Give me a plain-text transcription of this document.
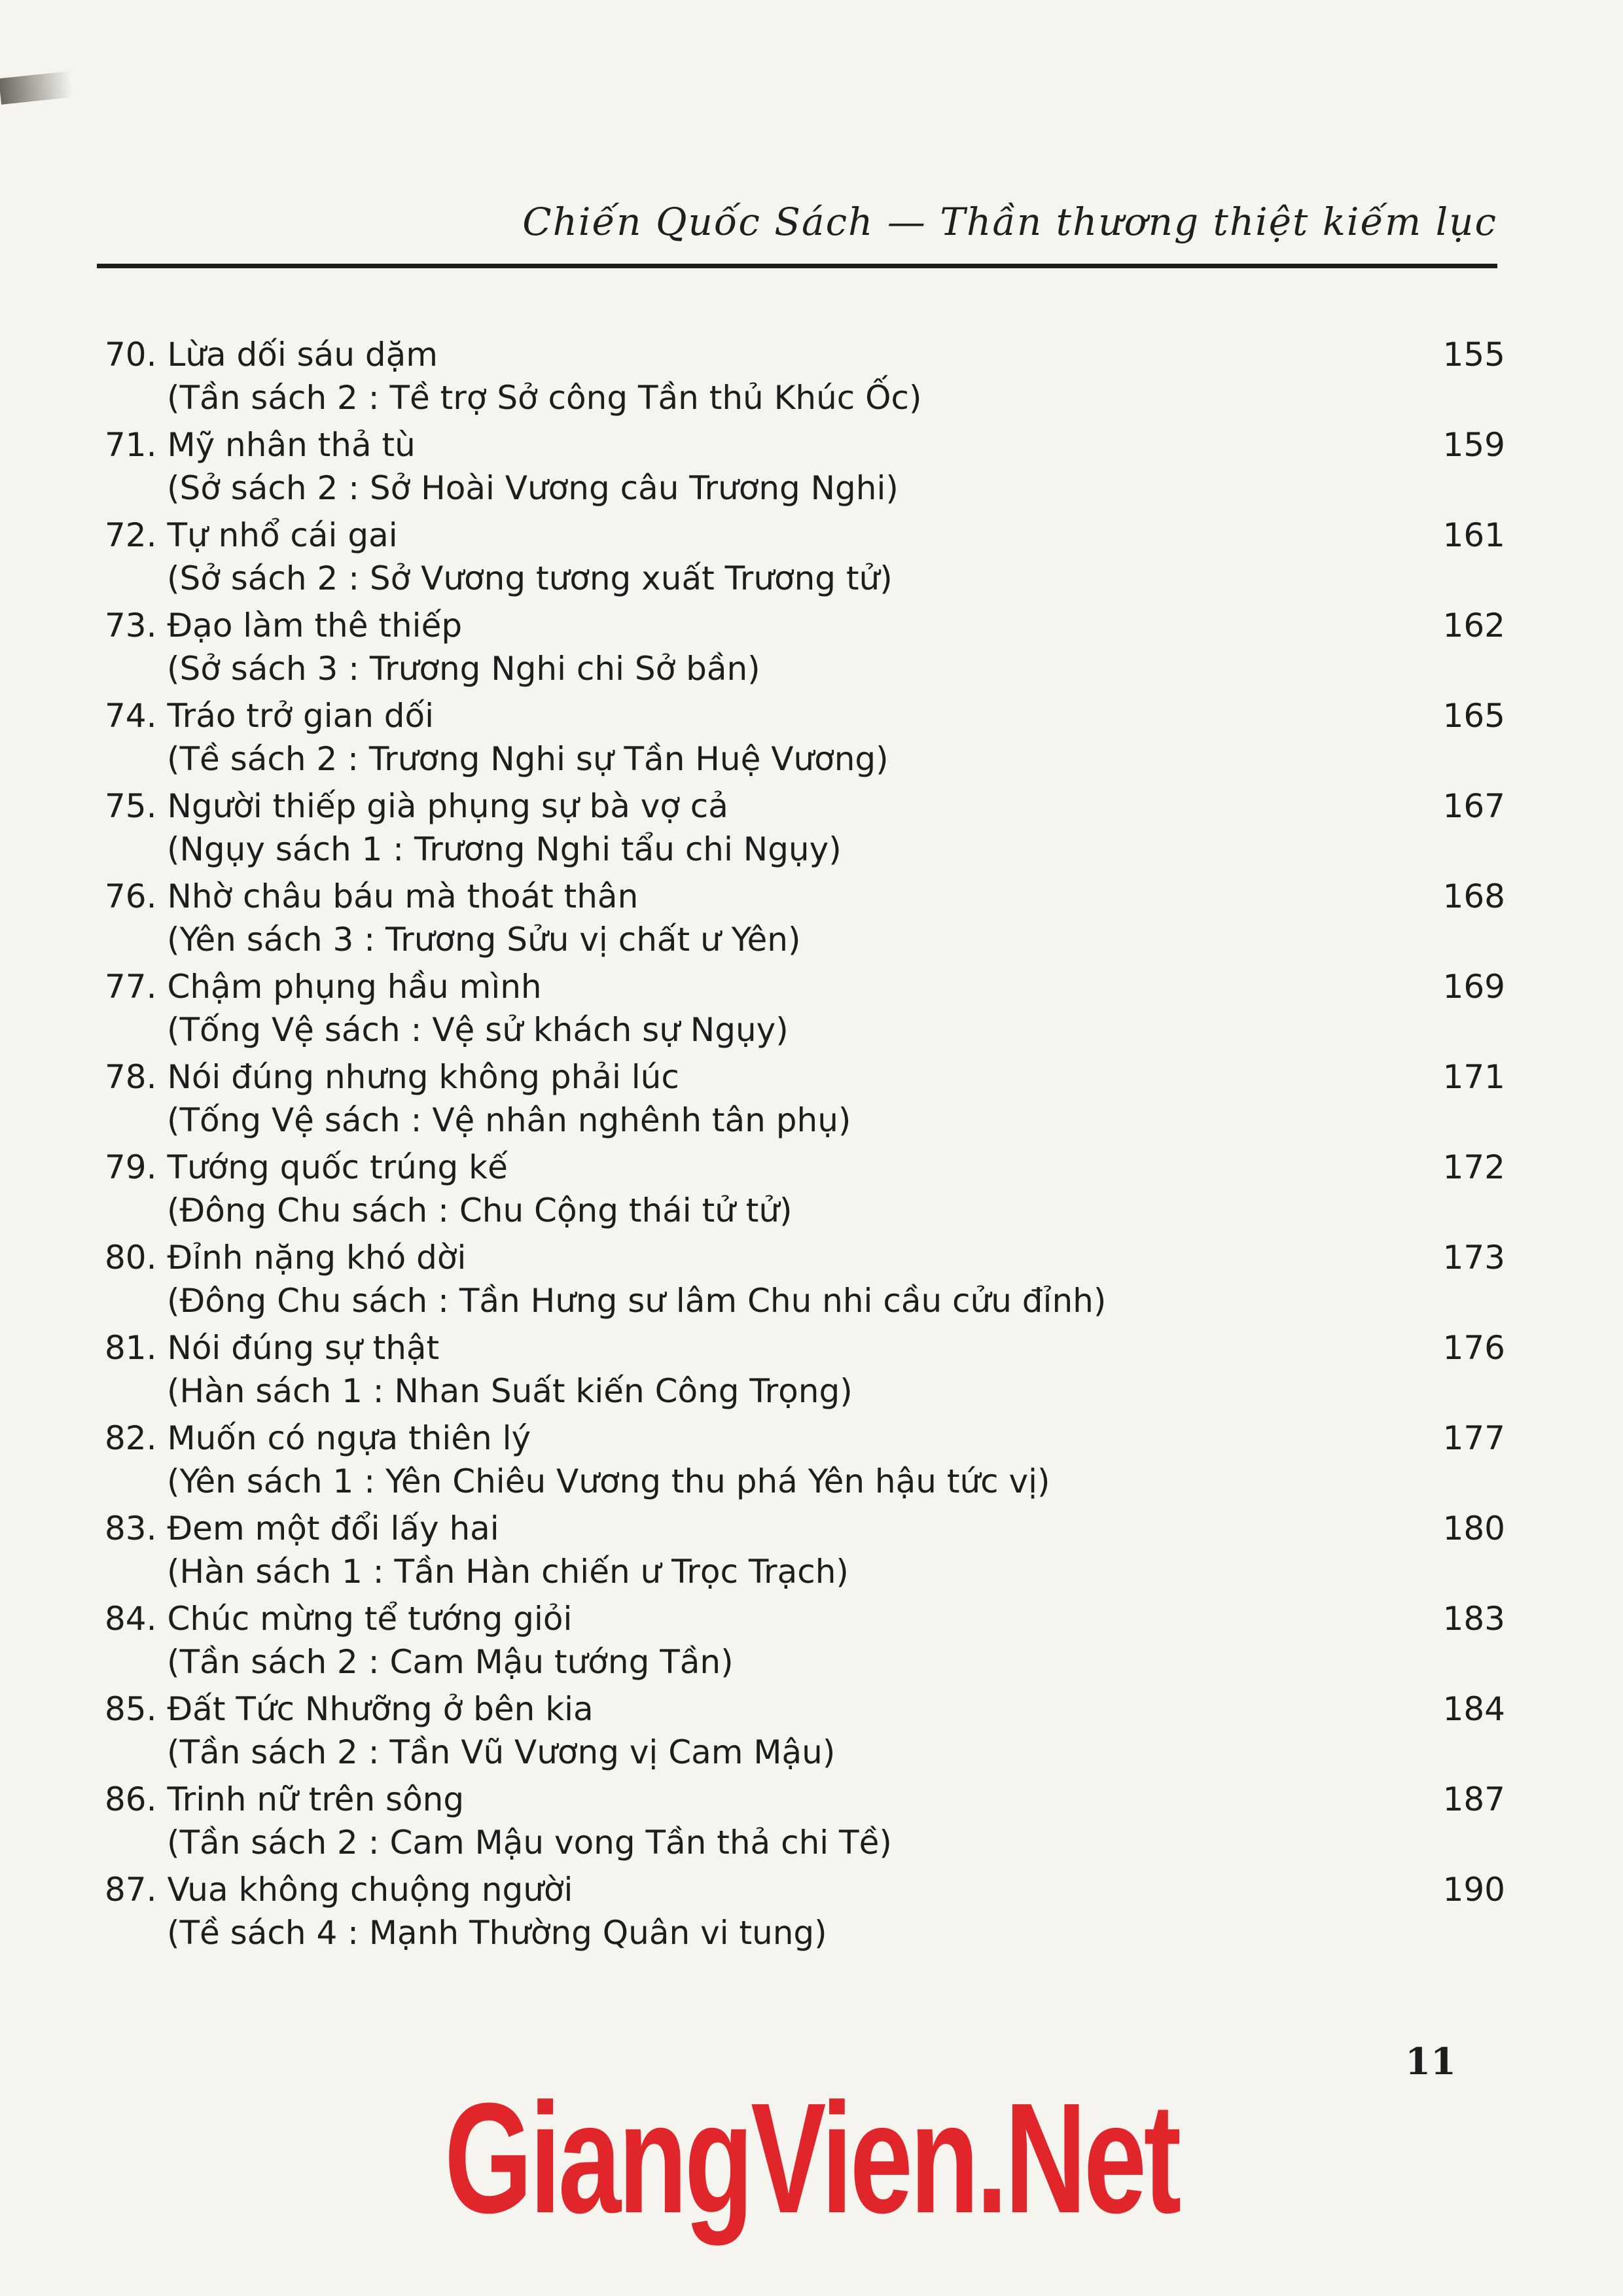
Chiến Quốc Sách — Thần thương thiệt kiếm lục
70. Lừa dối sáu dặm
(Tần sách 2 : Tề trợ Sở công Tần thủ Khúc Ốc)
155
71. Mỹ nhân thả tù
(Sở sách 2 : Sở Hoài Vương câu Trương Nghi)
159
72. Tự nhổ cái gai
(Sở sách 2 : Sở Vương tương xuất Trương tử)
161
73. Đạo làm thê thiếp
(Sở sách 3 : Trương Nghi chi Sở bần)
162
74. Tráo trở gian dối
(Tề sách 2 : Trương Nghi sự Tần Huệ Vương)
165
75. Người thiếp già phụng sự bà vợ cả
(Ngụy sách 1 : Trương Nghi tẩu chi Ngụy)
167
76. Nhờ châu báu mà thoát thân
(Yên sách 3 : Trương Sửu vị chất ư Yên)
168
77. Chậm phụng hầu mình
(Tống Vệ sách : Vệ sử khách sự Ngụy)
169
78. Nói đúng nhưng không phải lúc
(Tống Vệ sách : Vệ nhân nghênh tân phụ)
171
79. Tướng quốc trúng kế
(Đông Chu sách : Chu Cộng thái tử tử)
172
80. Đỉnh nặng khó dời
(Đông Chu sách : Tần Hưng sư lâm Chu nhi cầu cửu đỉnh)
173
81. Nói đúng sự thật
(Hàn sách 1 : Nhan Suất kiến Công Trọng)
176
82. Muốn có ngựa thiên lý
(Yên sách 1 : Yên Chiêu Vương thu phá Yên hậu tức vị)
177
83. Đem một đổi lấy hai
(Hàn sách 1 : Tần Hàn chiến ư Trọc Trạch)
180
84. Chúc mừng tể tướng giỏi
(Tần sách 2 : Cam Mậu tướng Tần)
183
85. Đất Tức Nhưỡng ở bên kia
(Tần sách 2 : Tần Vũ Vương vị Cam Mậu)
184
86. Trinh nữ trên sông
(Tần sách 2 : Cam Mậu vong Tần thả chi Tề)
187
87. Vua không chuộng người
(Tề sách 4 : Mạnh Thường Quân vi tung)
190
11
GiangVien.Net
